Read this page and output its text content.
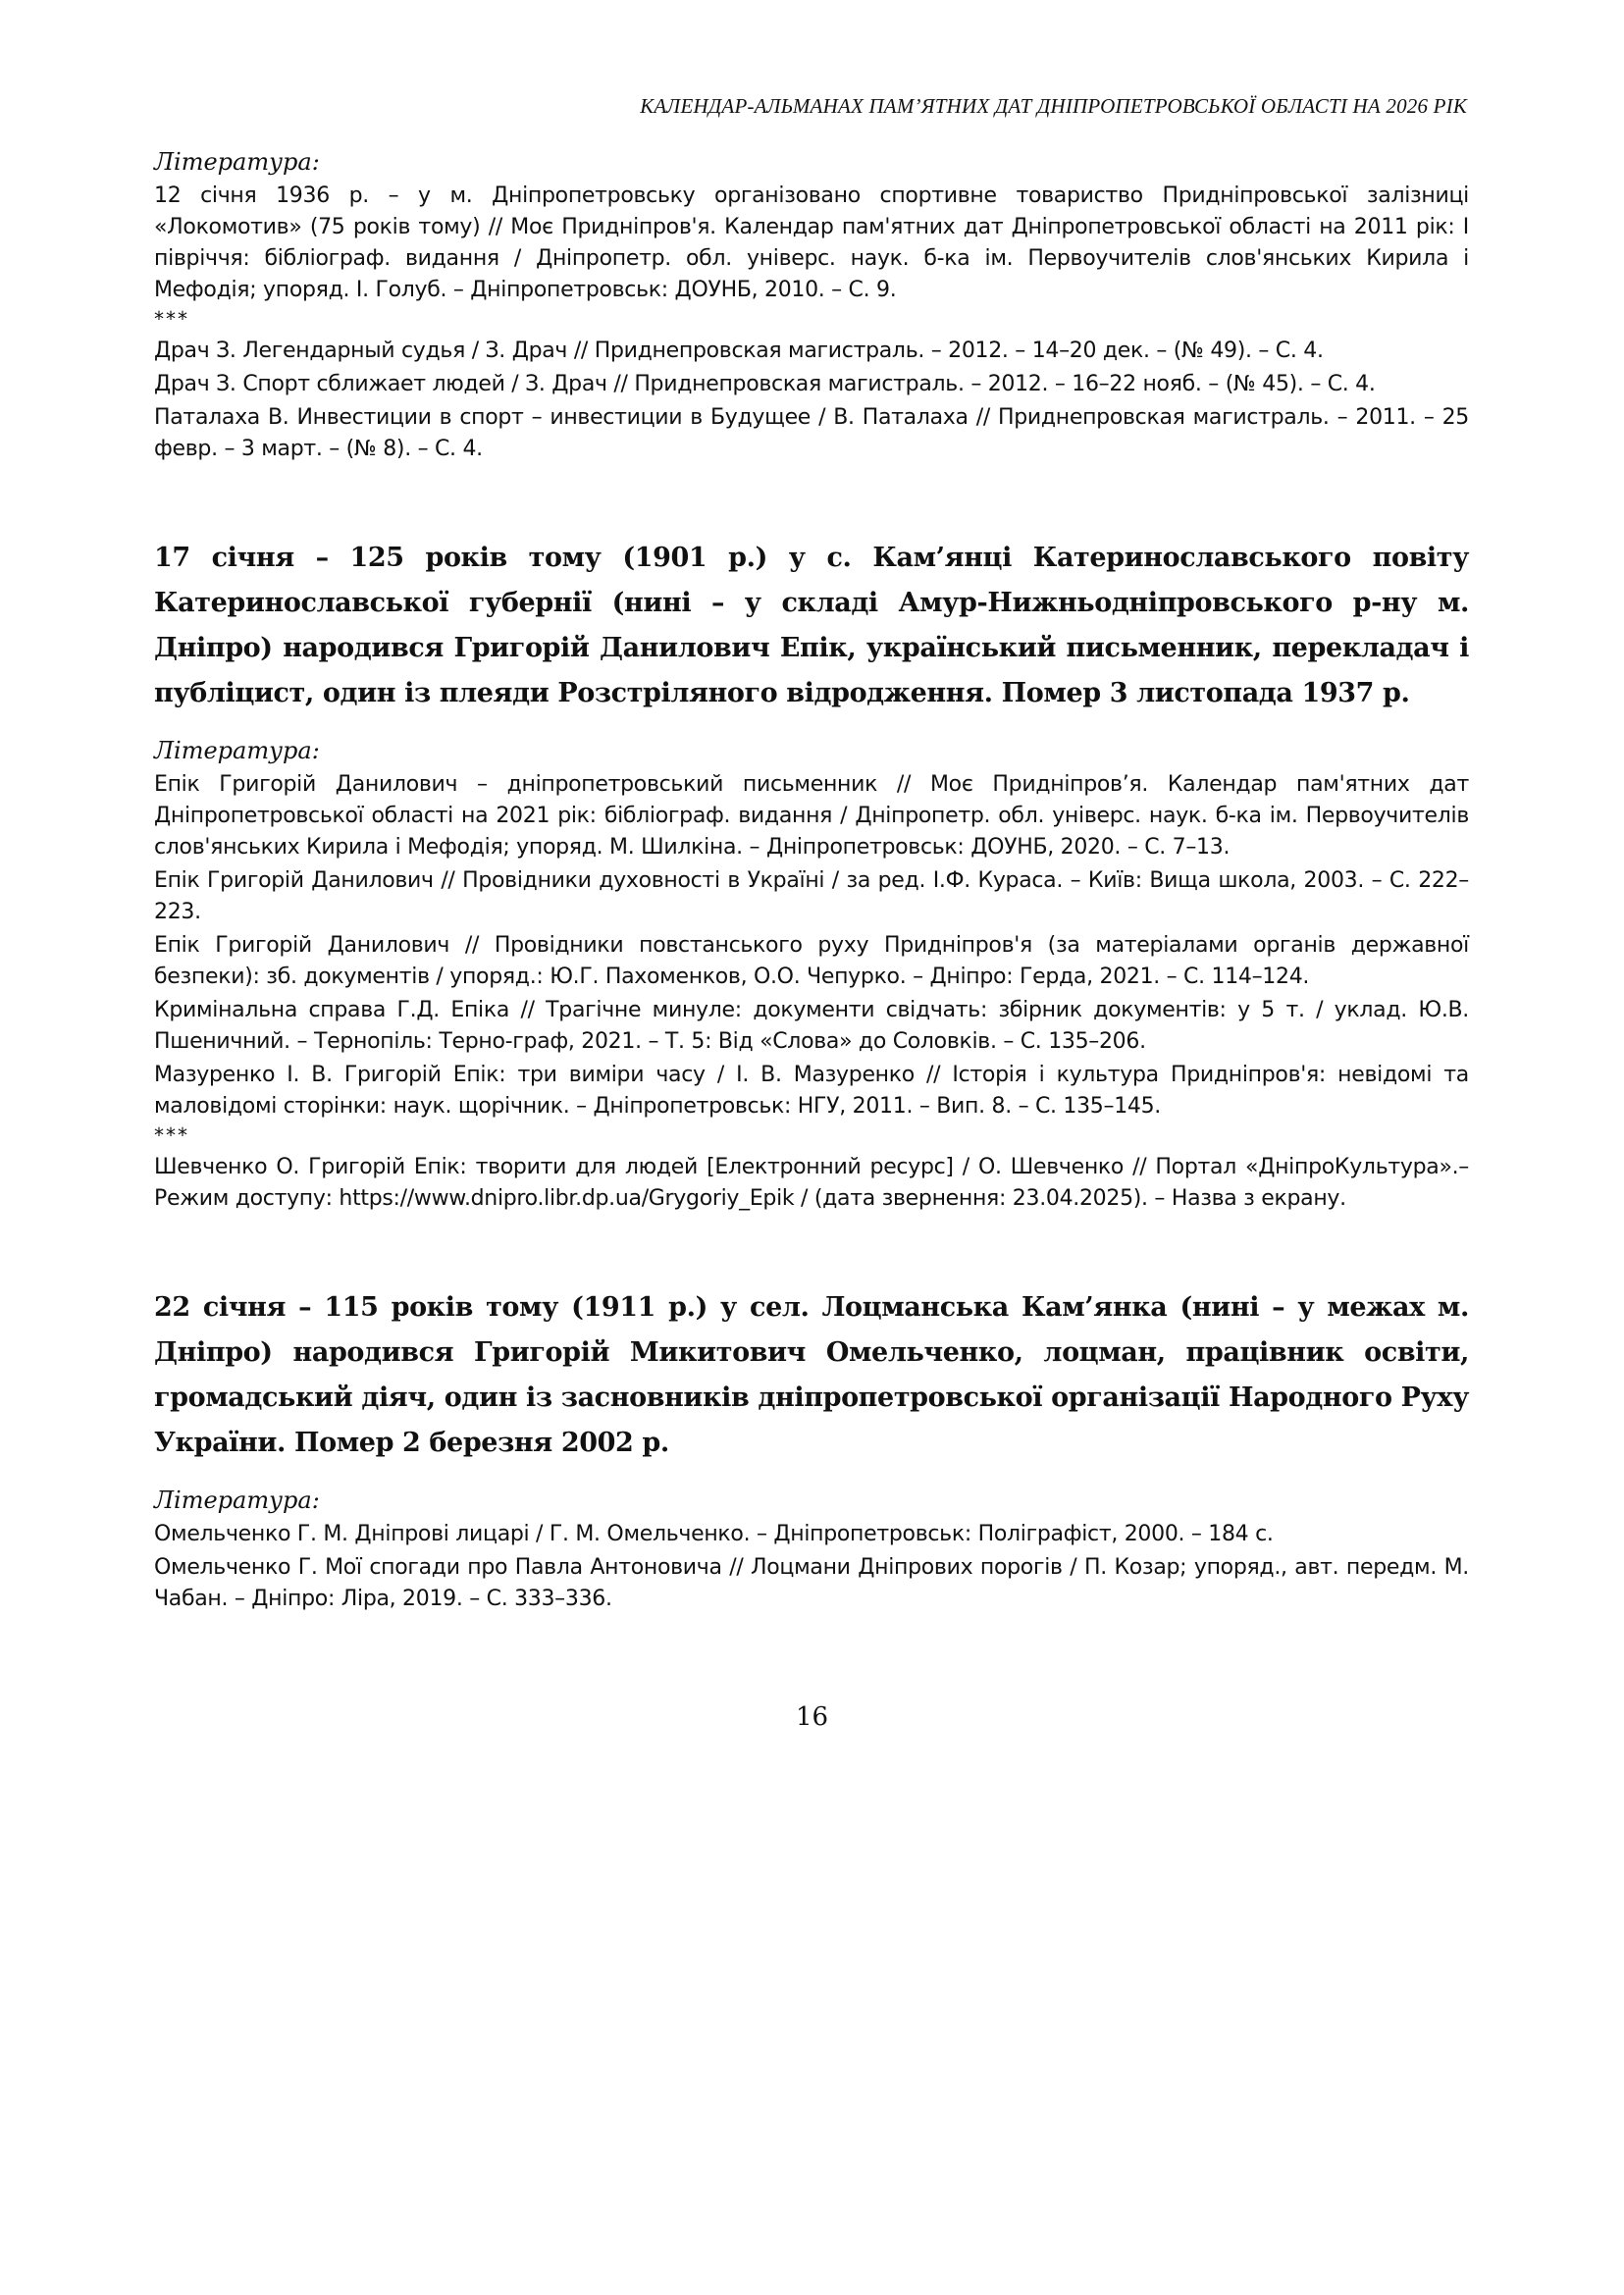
КАЛЕНДАР-АЛЬМАНАХ ПАМ’ЯТНИХ ДАТ ДНІПРОПЕТРОВСЬКОЇ ОБЛАСТІ НА 2026 РІК
Література:

12 січня 1936 р. – у м. Дніпропетровську організовано спортивне товариство Придніпровської залізниці «Локомотив» (75 років тому) // Моє Придніпров'я. Календар пам'ятних дат Дніпропетровської області на 2011 рік: І півріччя: бібліограф. видання / Дніпропетр. обл. універс. наук. б-ка ім. Первоучителів слов'янських Кирила і Мефодія; упоряд. І. Голуб. – Дніпропетровськ: ДОУНБ, 2010. – С. 9.

***

Драч З. Легендарный судья / З. Драч // Приднепровская магистраль. – 2012. – 14–20 дек. – (№ 49). – С. 4.

Драч З. Спорт сближает людей / З. Драч // Приднепровская магистраль. – 2012. – 16–22 нояб. – (№ 45). – С. 4.

Паталаха В. Инвестиции в спорт – инвестиции в Будущее / В. Паталаха // Приднепровская магистраль. – 2011. – 25 февр. – 3 март. – (№ 8). – С. 4.

17 січня – 125 років тому (1901 р.) у с. Кам’янці Катеринославського повіту Катеринославської губернії (нині – у складі Амур-Нижньодніпровського р-ну м. Дніпро) народився Григорій Данилович Епік, український письменник, перекладач і публіцист, один із плеяди Розстріляного відродження. Помер 3 листопада 1937 р.

Література:

Епік Григорій Данилович – дніпропетровський письменник // Моє Придніпров’я. Календар пам'ятних дат Дніпропетровської області на 2021 рік: бібліограф. видання / Дніпропетр. обл. універс. наук. б-ка ім. Первоучителів слов'янських Кирила і Мефодія; упоряд. М. Шилкіна. – Дніпропетровськ: ДОУНБ, 2020. – С. 7–13.

Епік Григорій Данилович // Провідники духовності в Україні / за ред. І.Ф. Кураса. – Київ: Вища школа, 2003. – С. 222–223.

Епік Григорій Данилович // Провідники повстанського руху Придніпров'я (за матеріалами органів державної безпеки): зб. документів / упоряд.: Ю.Г. Пахоменков, О.О. Чепурко. – Дніпро: Герда, 2021. – С. 114–124.

Кримінальна справа Г.Д. Епіка // Трагічне минуле: документи свідчать: збірник документів: у 5 т. / уклад. Ю.В. Пшеничний. – Тернопіль: Терно-граф, 2021. – Т. 5: Від «Слова» до Соловків. – С. 135–206.

Мазуренко І. В. Григорій Епік: три виміри часу / І. В. Мазуренко // Історія і культура Придніпров'я: невідомі та маловідомі сторінки: наук. щорічник. – Дніпропетровськ: НГУ, 2011. – Вип. 8. – С. 135–145.

***

Шевченко О. Григорій Епік: творити для людей [Електронний ресурс] / О. Шевченко // Портал «ДніпроКультура».– Режим доступу: https://www.dnipro.libr.dp.ua/Grygoriy_Epik / (дата звернення: 23.04.2025). – Назва з екрану.

22 січня – 115 років тому (1911 р.) у сел. Лоцманська Кам’янка (нині – у межах м. Дніпро) народився Григорій Микитович Омельченко, лоцман, працівник освіти, громадський діяч, один із засновників дніпропетровської організації Народного Руху України. Помер 2 березня 2002 р.

Література:

Омельченко Г. М. Дніпрові лицарі / Г. М. Омельченко. – Дніпропетровськ: Поліграфіст, 2000. – 184 с.

Омельченко Г. Мої спогади про Павла Антоновича // Лоцмани Дніпрових порогів / П. Козар; упоряд., авт. передм. М. Чабан. – Дніпро: Ліра, 2019. – С. 333–336.

16
